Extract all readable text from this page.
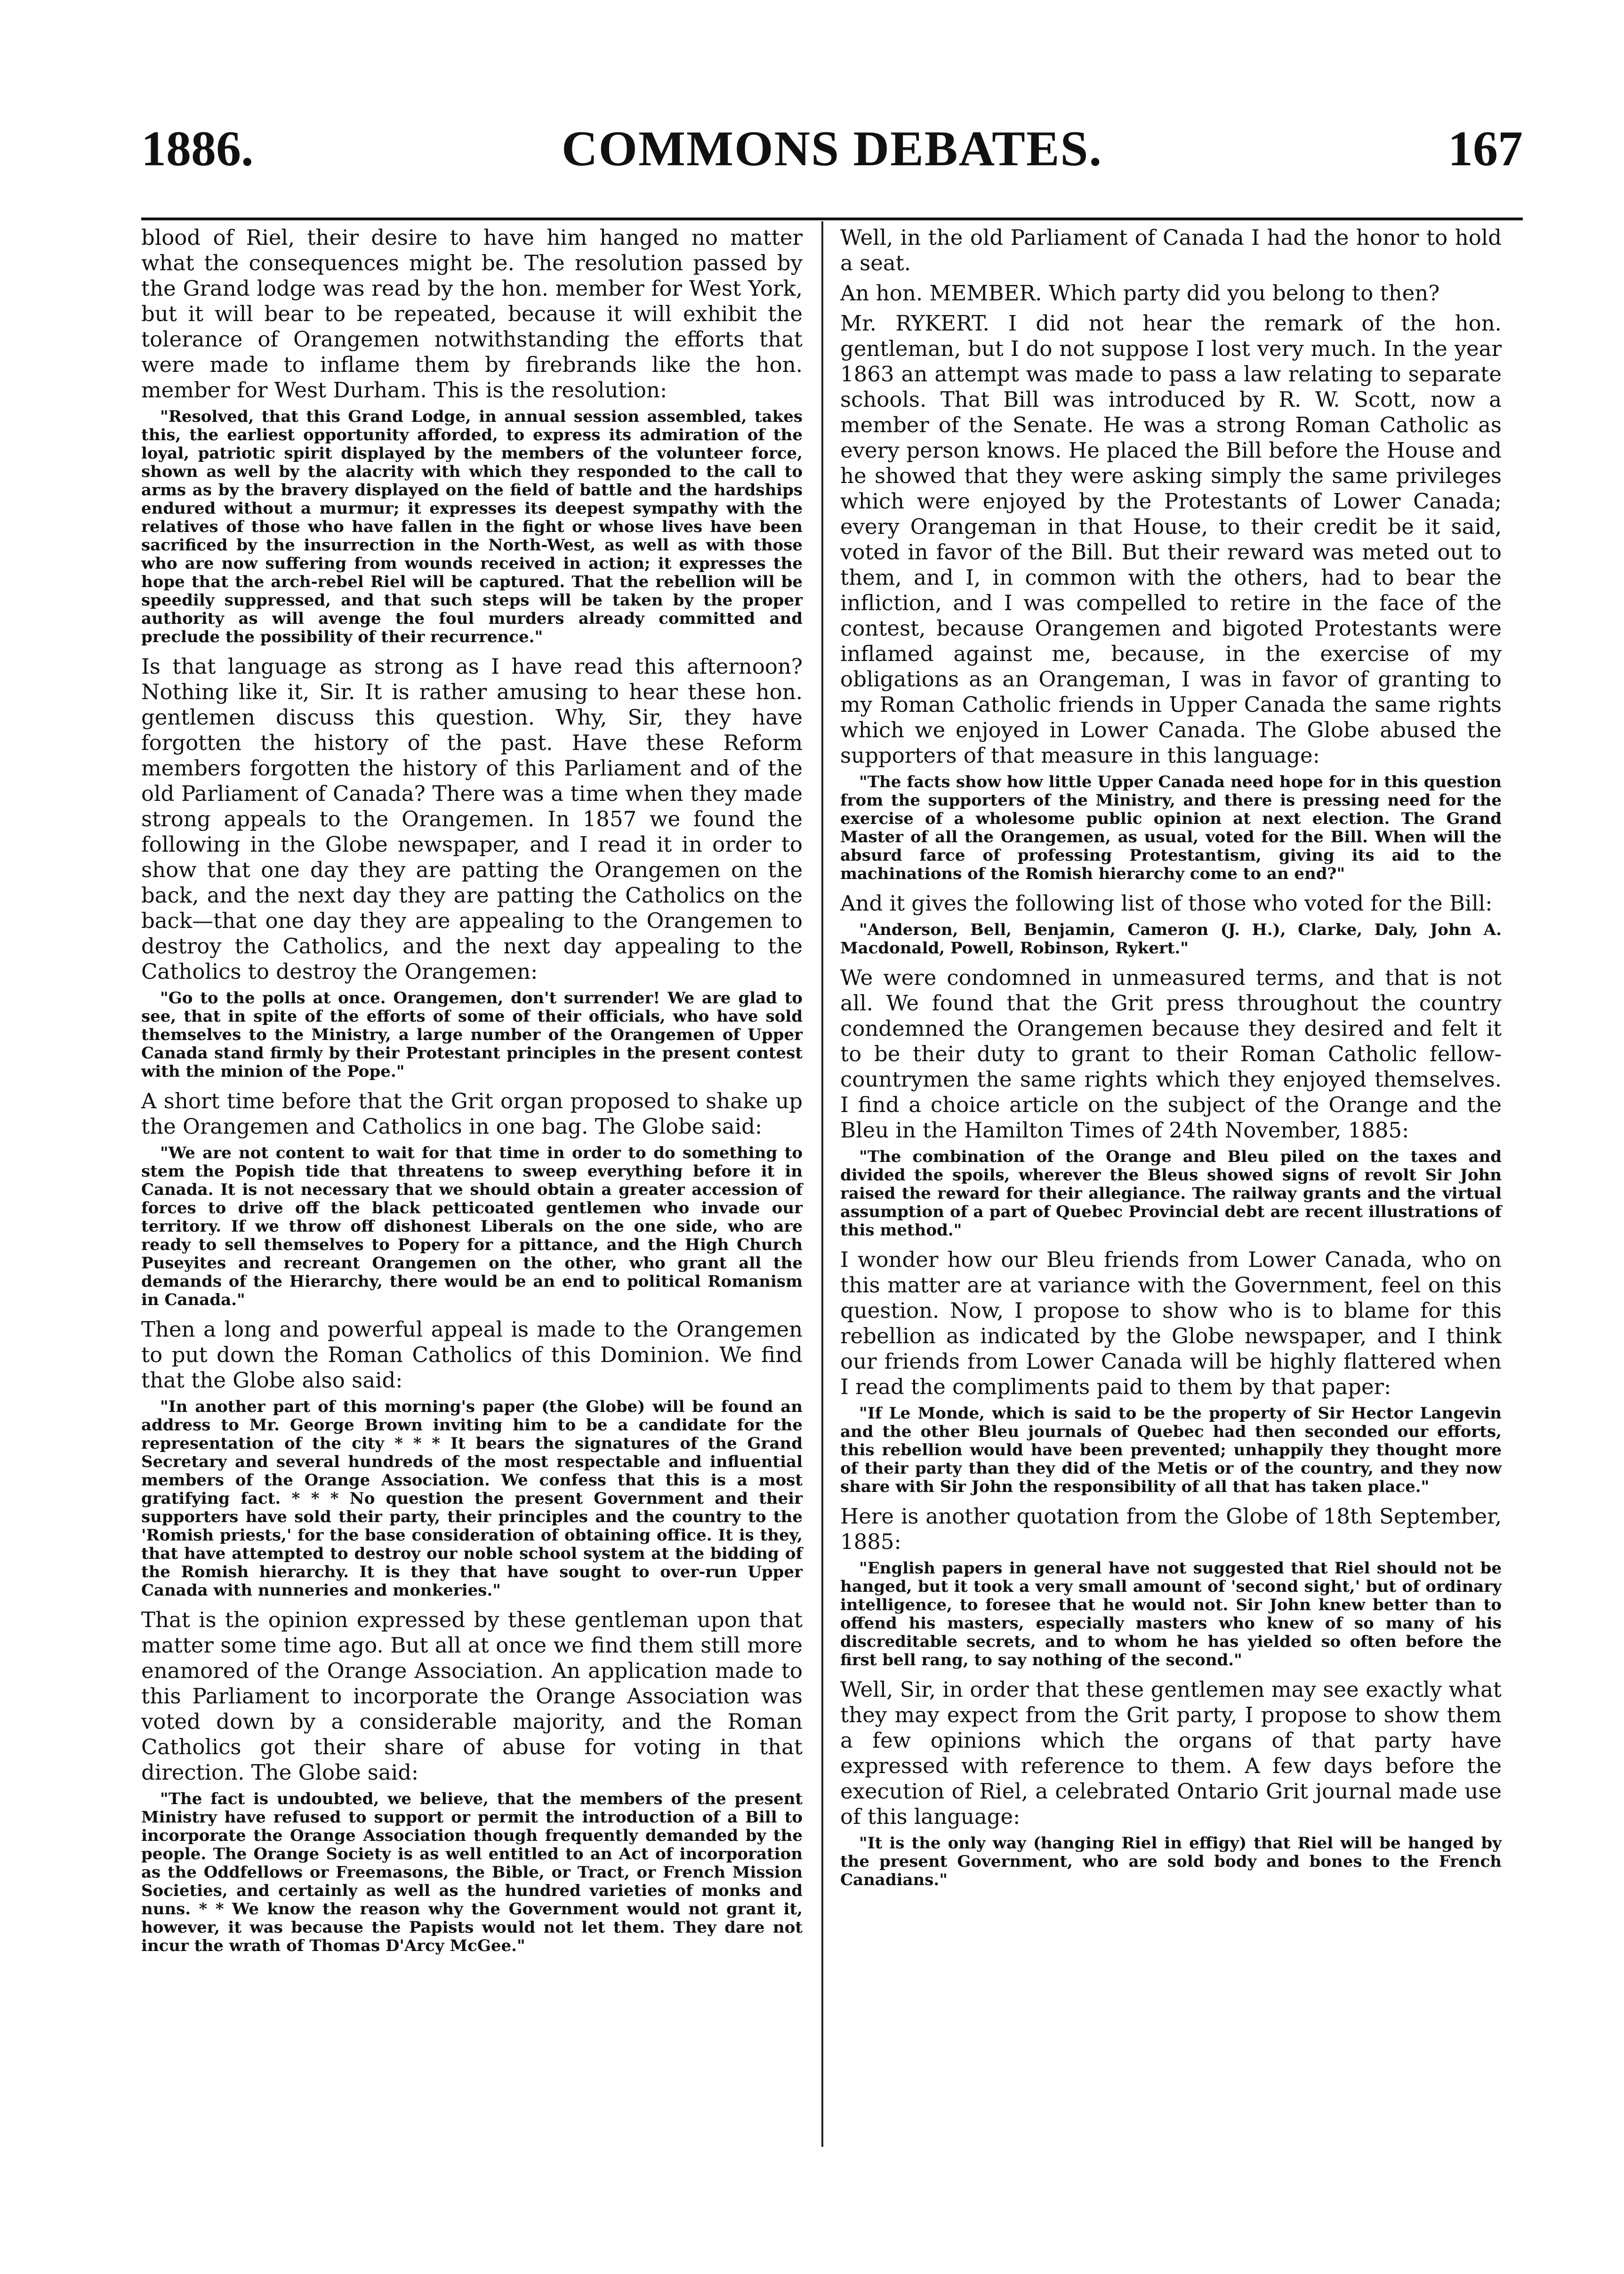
COMMONS DEBATES.
1886.	167

blood of Riel, their desire to have him hanged no matter what the consequences might be. The resolution passed by the Grand lodge was read by the hon. member for West York, but it will bear to be repeated, because it will exhibit the tolerance of Orangemen notwithstanding the efforts that were made to inflame them by firebrands like the hon. member for West Durham. This is the resolution:

"Resolved, that this Grand Lodge, in annual session assembled, takes this, the earliest opportunity afforded, to express its admiration of the loyal, patriotic spirit displayed by the members of the volunteer force, shown as well by the alacrity with which they responded to the call to arms as by the bravery displayed on the field of battle and the hardships endured without a murmur; it expresses its deepest sympathy with the relatives of those who have fallen in the fight or whose lives have been sacrificed by the insurrection in the North-West, as well as with those who are now suffering from wounds received in action; it expresses the hope that the arch-rebel Riel will be captured. That the rebellion will be speedily suppressed, and that such steps will be taken by the proper authority as will avenge the foul murders already committed and preclude the possibility of their recurrence."

Is that language as strong as I have read this afternoon? Nothing like it, Sir. It is rather amusing to hear these hon. gentlemen discuss this question. Why, Sir, they have forgotten the history of the past. Have these Reform members forgotten the history of this Parliament and of the old Parliament of Canada? There was a time when they made strong appeals to the Orangemen. In 1857 we found the following in the Globe newspaper, and I read it in order to show that one day they are patting the Orangemen on the back, and the next day they are patting the Catholics on the back—that one day they are appealing to the Orangemen to destroy the Catholics, and the next day appealing to the Catholics to destroy the Orangemen:

"Go to the polls at once. Orangemen, don't surrender! We are glad to see, that in spite of the efforts of some of their officials, who have sold themselves to the Ministry, a large number of the Orangemen of Upper Canada stand firmly by their Protestant principles in the present contest with the minion of the Pope."

A short time before that the Grit organ proposed to shake up the Orangemen and Catholics in one bag. The Globe said:

"We are not content to wait for that time in order to do something to stem the Popish tide that threatens to sweep everything before it in Canada. It is not necessary that we should obtain a greater accession of forces to drive off the black petticoated gentlemen who invade our territory. If we throw off dishonest Liberals on the one side, who are ready to sell themselves to Popery for a pittance, and the High Church Puseyites and recreant Orangemen on the other, who grant all the demands of the Hierarchy, there would be an end to political Romanism in Canada."

Then a long and powerful appeal is made to the Orangemen to put down the Roman Catholics of this Dominion. We find that the Globe also said:

"In another part of this morning's paper (the Globe) will be found an address to Mr. George Brown inviting him to be a candidate for the representation of the city * * * It bears the signatures of the Grand Secretary and several hundreds of the most respectable and influential members of the Orange Association. We confess that this is a most gratifying fact. * * * No question the present Government and their supporters have sold their party, their principles and the country to the 'Romish priests,' for the base consideration of obtaining office. It is they, that have attempted to destroy our noble school system at the bidding of the Romish hierarchy. It is they that have sought to over-run Upper Canada with nunneries and monkeries."

That is the opinion expressed by these gentleman upon that matter some time ago. But all at once we find them still more enamored of the Orange Association. An application made to this Parliament to incorporate the Orange Association was voted down by a considerable majority, and the Roman Catholics got their share of abuse for voting in that direction. The Globe said:

"The fact is undoubted, we believe, that the members of the present Ministry have refused to support or permit the introduction of a Bill to incorporate the Orange Association though frequently demanded by the people. The Orange Society is as well entitled to an Act of incorporation as the Oddfellows or Freemasons, the Bible, or Tract, or French Mission Societies, and certainly as well as the hundred varieties of monks and nuns. * * We know the reason why the Government would not grant it, however, it was because the Papists would not let them. They dare not incur the wrath of Thomas D'Arcy McGee."

Well, in the old Parliament of Canada I had the honor to hold a seat.

An hon. MEMBER. Which party did you belong to then?

Mr. RYKERT. I did not hear the remark of the hon. gentleman, but I do not suppose I lost very much. In the year 1863 an attempt was made to pass a law relating to separate schools. That Bill was introduced by R. W. Scott, now a member of the Senate. He was a strong Roman Catholic as every person knows. He placed the Bill before the House and he showed that they were asking simply the same privileges which were enjoyed by the Protestants of Lower Canada; every Orangeman in that House, to their credit be it said, voted in favor of the Bill. But their reward was meted out to them, and I, in common with the others, had to bear the infliction, and I was compelled to retire in the face of the contest, because Orangemen and bigoted Protestants were inflamed against me, because, in the exercise of my obligations as an Orangeman, I was in favor of granting to my Roman Catholic friends in Upper Canada the same rights which we enjoyed in Lower Canada. The Globe abused the supporters of that measure in this language:

"The facts show how little Upper Canada need hope for in this question from the supporters of the Ministry, and there is pressing need for the exercise of a wholesome public opinion at next election. The Grand Master of all the Orangemen, as usual, voted for the Bill. When will the absurd farce of professing Protestantism, giving its aid to the machinations of the Romish hierarchy come to an end?"

And it gives the following list of those who voted for the Bill:

"Anderson, Bell, Benjamin, Cameron (J. H.), Clarke, Daly, John A. Macdonald, Powell, Robinson, Rykert."

We were condomned in unmeasured terms, and that is not all. We found that the Grit press throughout the country condemned the Orangemen because they desired and felt it to be their duty to grant to their Roman Catholic fellow-countrymen the same rights which they enjoyed themselves. I find a choice article on the subject of the Orange and the Bleu in the Hamilton Times of 24th November, 1885:

"The combination of the Orange and Bleu piled on the taxes and divided the spoils, wherever the Bleus showed signs of revolt Sir John raised the reward for their allegiance. The railway grants and the virtual assumption of a part of Quebec Provincial debt are recent illustrations of this method."

I wonder how our Bleu friends from Lower Canada, who on this matter are at variance with the Government, feel on this question. Now, I propose to show who is to blame for this rebellion as indicated by the Globe newspaper, and I think our friends from Lower Canada will be highly flattered when I read the compliments paid to them by that paper:

"If Le Monde, which is said to be the property of Sir Hector Langevin and the other Bleu journals of Quebec had then seconded our efforts, this rebellion would have been prevented; unhappily they thought more of their party than they did of the Metis or of the country, and they now share with Sir John the responsibility of all that has taken place."

Here is another quotation from the Globe of 18th September, 1885:

"English papers in general have not suggested that Riel should not be hanged, but it took a very small amount of 'second sight,' but of ordinary intelligence, to foresee that he would not. Sir John knew better than to offend his masters, especially masters who knew of so many of his discreditable secrets, and to whom he has yielded so often before the first bell rang, to say nothing of the second."

Well, Sir, in order that these gentlemen may see exactly what they may expect from the Grit party, I propose to show them a few opinions which the organs of that party have expressed with reference to them. A few days before the execution of Riel, a celebrated Ontario Grit journal made use of this language:

"It is the only way (hanging Riel in effigy) that Riel will be hanged by the present Government, who are sold body and bones to the French Canadians."
